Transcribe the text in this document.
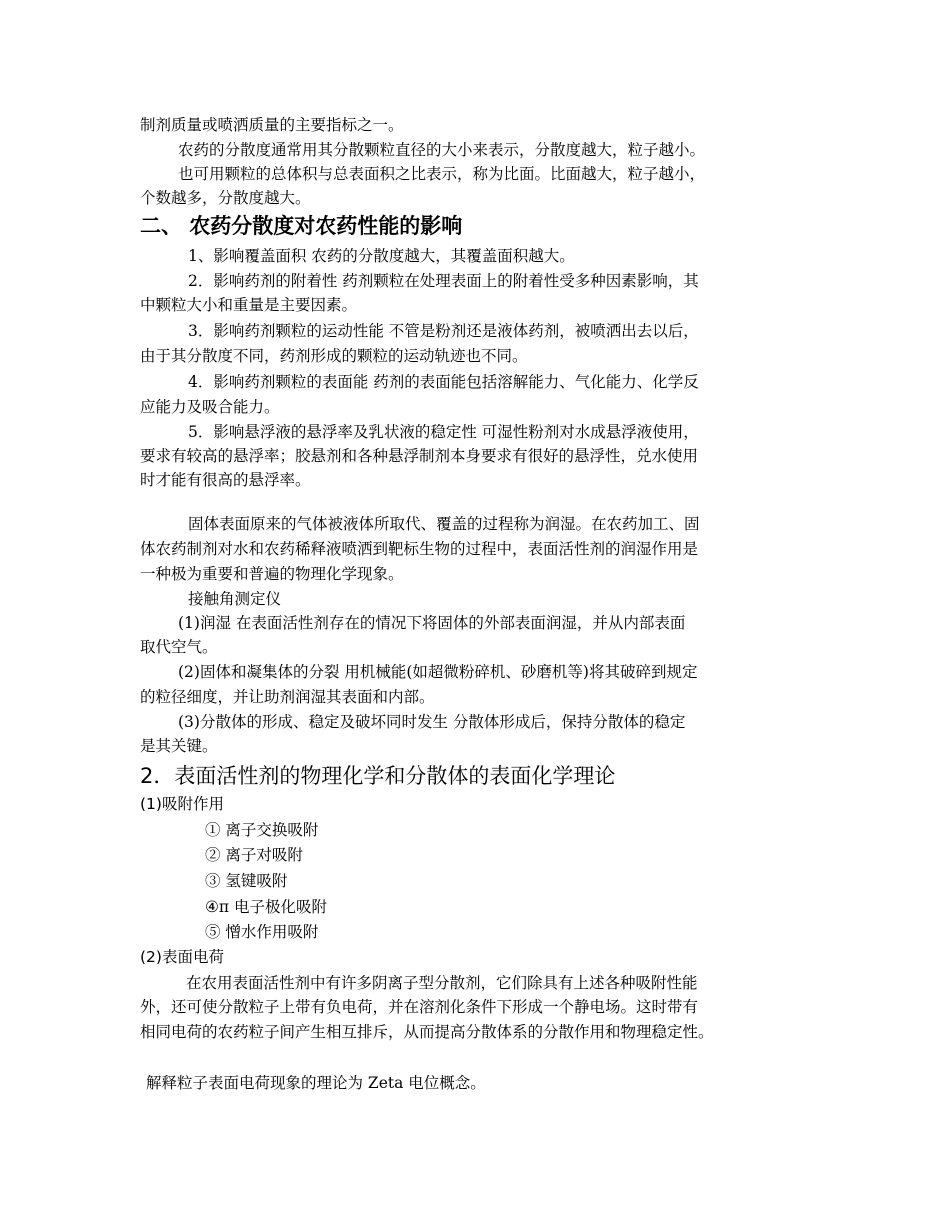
制剂质量或喷洒质量的主要指标之一。
农药的分散度通常用其分散颗粒直径的大小来表示，分散度越大，粒子越小。
也可用颗粒的总体积与总表面积之比表示，称为比面。比面越大，粒子越小，
个数越多，分散度越大。
二、 农药分散度对农药性能的影响
1、影响覆盖面积 农药的分散度越大，其覆盖面积越大。
2．影响药剂的附着性 药剂颗粒在处理表面上的附着性受多种因素影响，其
中颗粒大小和重量是主要因素。
3．影响药剂颗粒的运动性能 不管是粉剂还是液体药剂，被喷洒出去以后，
由于其分散度不同，药剂形成的颗粒的运动轨迹也不同。
4．影响药剂颗粒的表面能 药剂的表面能包括溶解能力、气化能力、化学反
应能力及吸合能力。
5．影响悬浮液的悬浮率及乳状液的稳定性 可湿性粉剂对水成悬浮液使用，
要求有较高的悬浮率；胶悬剂和各种悬浮制剂本身要求有很好的悬浮性，兑水使用
时才能有很高的悬浮率。
固体表面原来的气体被液体所取代、覆盖的过程称为润湿。在农药加工、固
体农药制剂对水和农药稀释液喷洒到靶标生物的过程中，表面活性剂的润湿作用是
一种极为重要和普遍的物理化学现象。
接触角测定仪
(1)润湿 在表面活性剂存在的情况下将固体的外部表面润湿，并从内部表面
取代空气。
(2)固体和凝集体的分裂 用机械能(如超微粉碎机、砂磨机等)将其破碎到规定
的粒径细度，并让助剂润湿其表面和内部。
(3)分散体的形成、稳定及破坏同时发生 分散体形成后，保持分散体的稳定
是其关键。
2．表面活性剂的物理化学和分散体的表面化学理论
(1)吸附作用
① 离子交换吸附
② 离子对吸附
③ 氢键吸附
④π 电子极化吸附
⑤ 憎水作用吸附
(2)表面电荷
在农用表面活性剂中有许多阴离子型分散剂，它们除具有上述各种吸附性能
外，还可使分散粒子上带有负电荷，并在溶剂化条件下形成一个静电场。这时带有
相同电荷的农药粒子间产生相互排斥，从而提高分散体系的分散作用和物理稳定性。
解释粒子表面电荷现象的理论为 Zeta 电位概念。
